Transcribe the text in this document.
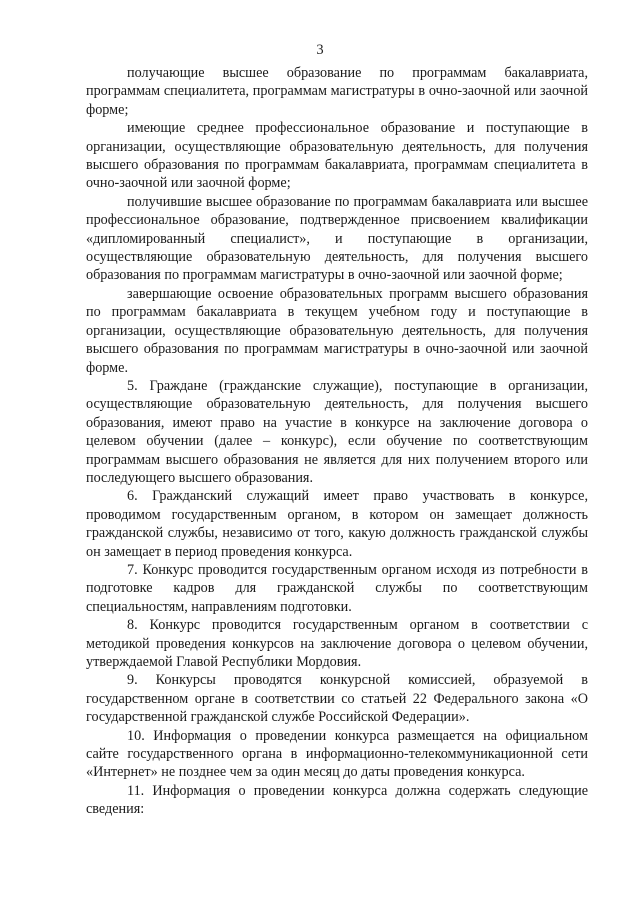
3

получающие высшее образование по программам бакалавриата, программам специалитета, программам магистратуры в очно-заочной или заочной форме;

имеющие среднее профессиональное образование и поступающие в организации, осуществляющие образовательную деятельность, для получения высшего образования по программам бакалавриата, программам специалитета в очно-заочной или заочной форме;

получившие высшее образование по программам бакалавриата или высшее профессиональное образование, подтвержденное присвоением квалификации «дипломированный специалист», и поступающие в организации, осуществляющие образовательную деятельность, для получения высшего образования по программам магистратуры в очно-заочной или заочной форме;

завершающие освоение образовательных программ высшего образования по программам бакалавриата в текущем учебном году и поступающие в организации, осуществляющие образовательную деятельность, для получения высшего образования по программам магистратуры в очно-заочной или заочной форме.

5. Граждане (гражданские служащие), поступающие в организации, осуществляющие образовательную деятельность, для получения высшего образования, имеют право на участие в конкурсе на заключение договора о целевом обучении (далее – конкурс), если обучение по соответствующим программам высшего образования не является для них получением второго или последующего высшего образования.

6. Гражданский служащий имеет право участвовать в конкурсе, проводимом государственным органом, в котором он замещает должность гражданской службы, независимо от того, какую должность гражданской службы он замещает в период проведения конкурса.

7. Конкурс проводится государственным органом исходя из потребности в подготовке кадров для гражданской службы по соответствующим специальностям, направлениям подготовки.

8. Конкурс проводится государственным органом в соответствии с методикой проведения конкурсов на заключение договора о целевом обучении, утверждаемой Главой Республики Мордовия.

9. Конкурсы проводятся конкурсной комиссией, образуемой в государственном органе в соответствии со статьей 22 Федерального закона «О государственной гражданской службе Российской Федерации».

10. Информация о проведении конкурса размещается на официальном сайте государственного органа в информационно-телекоммуникационной сети «Интернет» не позднее чем за один месяц до даты проведения конкурса.

11. Информация о проведении конкурса должна содержать следующие сведения:
